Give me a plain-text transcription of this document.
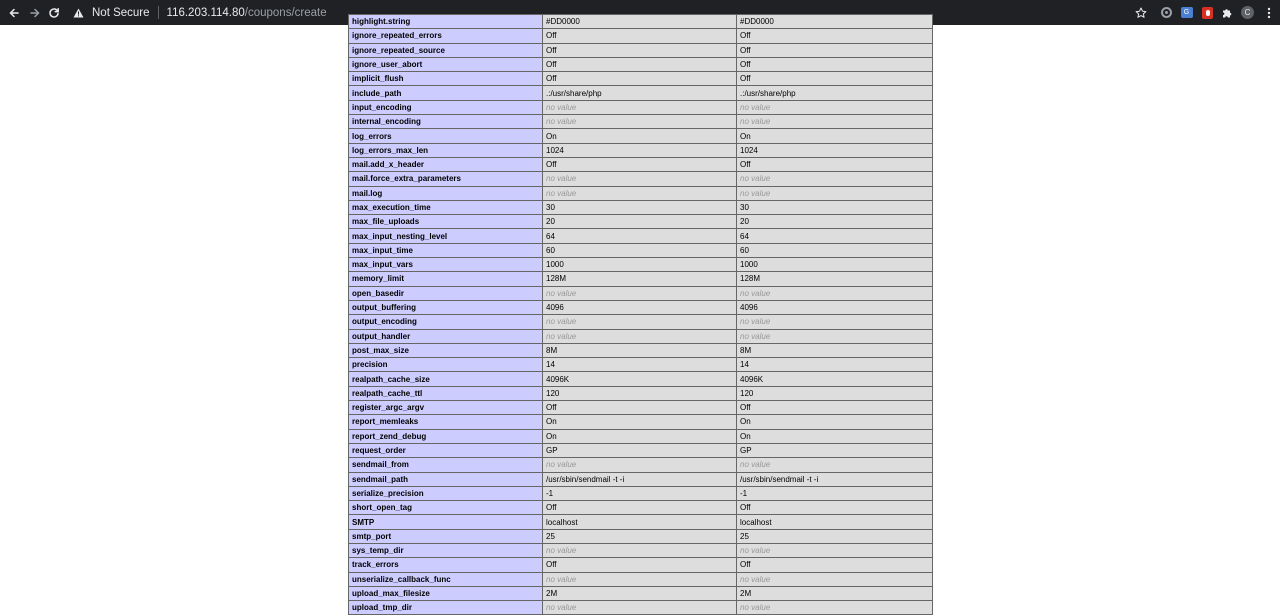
Not Secure 116.203.114.80 /coupons/create	G	C
highlight.string	#DD0000	#DD0000
ignore_repeated_errors	Off	Off
ignore_repeated_source	Off	Off
ignore_user_abort	Off	Off
implicit_flush	Off	Off
include_path	.:/usr/share/php	.:/usr/share/php
input_encoding	no value	no value
internal_encoding	no value	no value
log_errors	On	On
log_errors_max_len	1024	1024
mail.add_x_header	Off	Off
mail.force_extra_parameters	no value	no value
mail.log	no value	no value
max_execution_time	30	30
max_file_uploads	20	20
max_input_nesting_level	64	64
max_input_time	60	60
max_input_vars	1000	1000
memory_limit	128M	128M
open_basedir	no value	no value
output_buffering	4096	4096
output_encoding	no value	no value
output_handler	no value	no value
post_max_size	8M	8M
precision	14	14
realpath_cache_size	4096K	4096K
realpath_cache_ttl	120	120
register_argc_argv	Off	Off
report_memleaks	On	On
report_zend_debug	On	On
request_order	GP	GP
sendmail_from	no value	no value
sendmail_path	/usr/sbin/sendmail -t -i	/usr/sbin/sendmail -t -i
serialize_precision	-1	-1
short_open_tag	Off	Off
SMTP	localhost	localhost
smtp_port	25	25
sys_temp_dir	no value	no value
track_errors	Off	Off
unserialize_callback_func	no value	no value
upload_max_filesize	2M	2M
upload_tmp_dir	no value	no value
